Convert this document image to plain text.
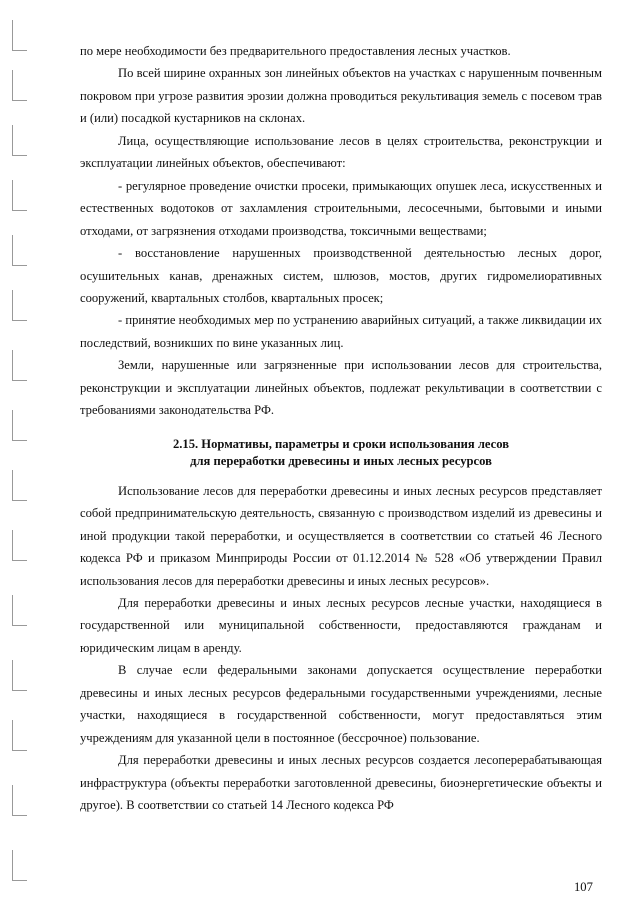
по мере необходимости без предварительного предоставления лесных участков.

По всей ширине охранных зон линейных объектов на участках с нарушенным почвенным покровом при угрозе развития эрозии должна проводиться рекультивация земель с посевом трав и (или) посадкой кустарников на склонах.

Лица, осуществляющие использование лесов в целях строительства, реконструкции и эксплуатации линейных объектов, обеспечивают:

- регулярное проведение очистки просеки, примыкающих опушек леса, искусственных и естественных водотоков от захламления строительными, лесосечными, бытовыми и иными отходами, от загрязнения отходами производства, токсичными веществами;

- восстановление нарушенных производственной деятельностью лесных дорог, осушительных канав, дренажных систем, шлюзов, мостов, других гидромелиоративных сооружений, квартальных столбов, квартальных просек;

- принятие необходимых мер по устранению аварийных ситуаций, а также ликвидации их последствий, возникших по вине указанных лиц.

Земли, нарушенные или загрязненные при использовании лесов для строительства, реконструкции и эксплуатации линейных объектов, подлежат рекультивации в соответствии с требованиями законодательства РФ.

2.15. Нормативы, параметры и сроки использования лесов
для переработки древесины и иных лесных ресурсов

Использование лесов для переработки древесины и иных лесных ресурсов представляет собой предпринимательскую деятельность, связанную с производством изделий из древесины и иной продукции такой переработки, и осуществляется в соответствии со статьей 46 Лесного кодекса РФ и приказом Минприроды России от 01.12.2014 № 528 «Об утверждении Правил использования лесов для переработки древесины и иных лесных ресурсов».

Для переработки древесины и иных лесных ресурсов лесные участки, находящиеся в государственной или муниципальной собственности, предоставляются гражданам и юридическим лицам в аренду.

В случае если федеральными законами допускается осуществление переработки древесины и иных лесных ресурсов федеральными государственными учреждениями, лесные участки, находящиеся в государственной собственности, могут предоставляться этим учреждениям для указанной цели в постоянное (бессрочное) пользование.

Для переработки древесины и иных лесных ресурсов создается лесоперерабатывающая инфраструктура (объекты переработки заготовленной древесины, биоэнергетические объекты и другое). В соответствии со статьей 14 Лесного кодекса РФ

107
